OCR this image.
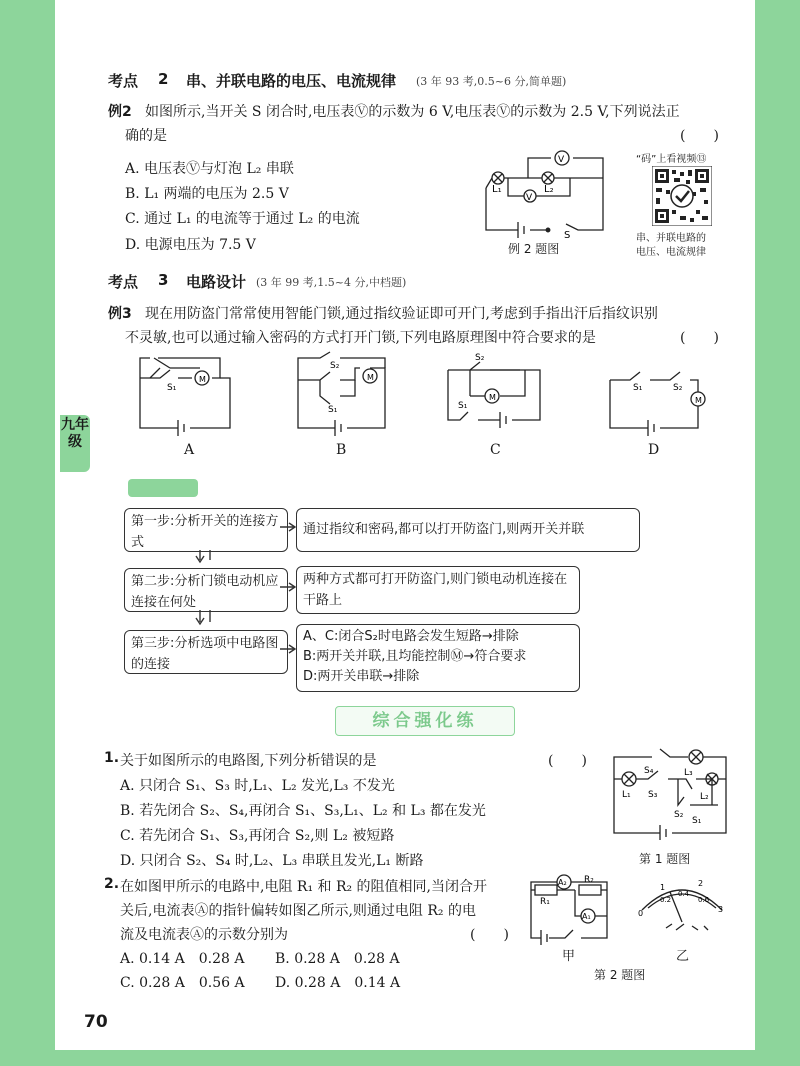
九年级
考点 2 串、并联电路的电压、电流规律 (3 年 93 考,0.5~6 分,简单题)
例2 如图所示,当开关 S 闭合时,电压表Ⓥ的示数为 6 V,电压表Ⓥ的示数为 2.5 V,下列说法正
确的是	(　　)
A. 电压表Ⓥ与灯泡 L₂ 串联
B. L₁ 两端的电压为 2.5 V
C. 通过 L₁ 的电流等于通过 L₂ 的电流
D. 电源电压为 7.5 V
V
V
L₁	L₂
S
例 2 题图
“码”上看视频⑬
串、并联电路的
电压、电流规律
考点 3 电路设计 (3 年 99 考,1.5~4 分,中档题)
例3 现在用防盗门常常使用智能门锁,通过指纹验证即可开门,考虑到手指出汗后指纹识别
不灵敏,也可以通过输入密码的方式打开门锁,下列电路原理图中符合要求的是	(　　)
M
S₁
M
S₂
S₁
M
S₂
S₁
M
S₁	S₂
A	B	C	D
第一步:分析开关的连接方式
通过指纹和密码,都可以打开防盗门,则两开关并联
第二步:分析门锁电动机应连接在何处
两种方式都可打开防盗门,则门锁电动机连接在干路上
第三步:分析选项中电路图的连接
A、C:闭合S₂时电路会发生短路→排除
B:两开关并联,且均能控制Ⓜ→符合要求
D:两开关串联→排除
综合强化练
1. 关于如图所示的电路图,下列分析错误的是	(　　)
A. 只闭合 S₁、S₃ 时,L₁、L₂ 发光,L₃ 不发光
B. 若先闭合 S₂、S₄,再闭合 S₁、S₃,L₁、L₂ 和 L₃ 都在发光
C. 若先闭合 S₁、S₃,再闭合 S₂,则 L₂ 被短路
D. 只闭合 S₂、S₄ 时,L₂、L₃ 串联且发光,L₁ 断路
S₄	L₃
L₁ S₃
S₂
L₂
S₁
第 1 题图
2. 在如图甲所示的电路中,电阻 R₁ 和 R₂ 的阻值相同,当闭合开
关后,电流表Ⓐ的指针偏转如图乙所示,则通过电阻 R₂ 的电
流及电流表Ⓐ的示数分别为	(　　)
A. 0.14 A　0.28 A B. 0.28 A　0.28 A
C. 0.28 A　0.56 A D. 0.28 A　0.14 A
A₂
A₁
R₁
R₂
0
1	2
3
0.2
0.4
0.6
甲	乙
第 2 题图
70
